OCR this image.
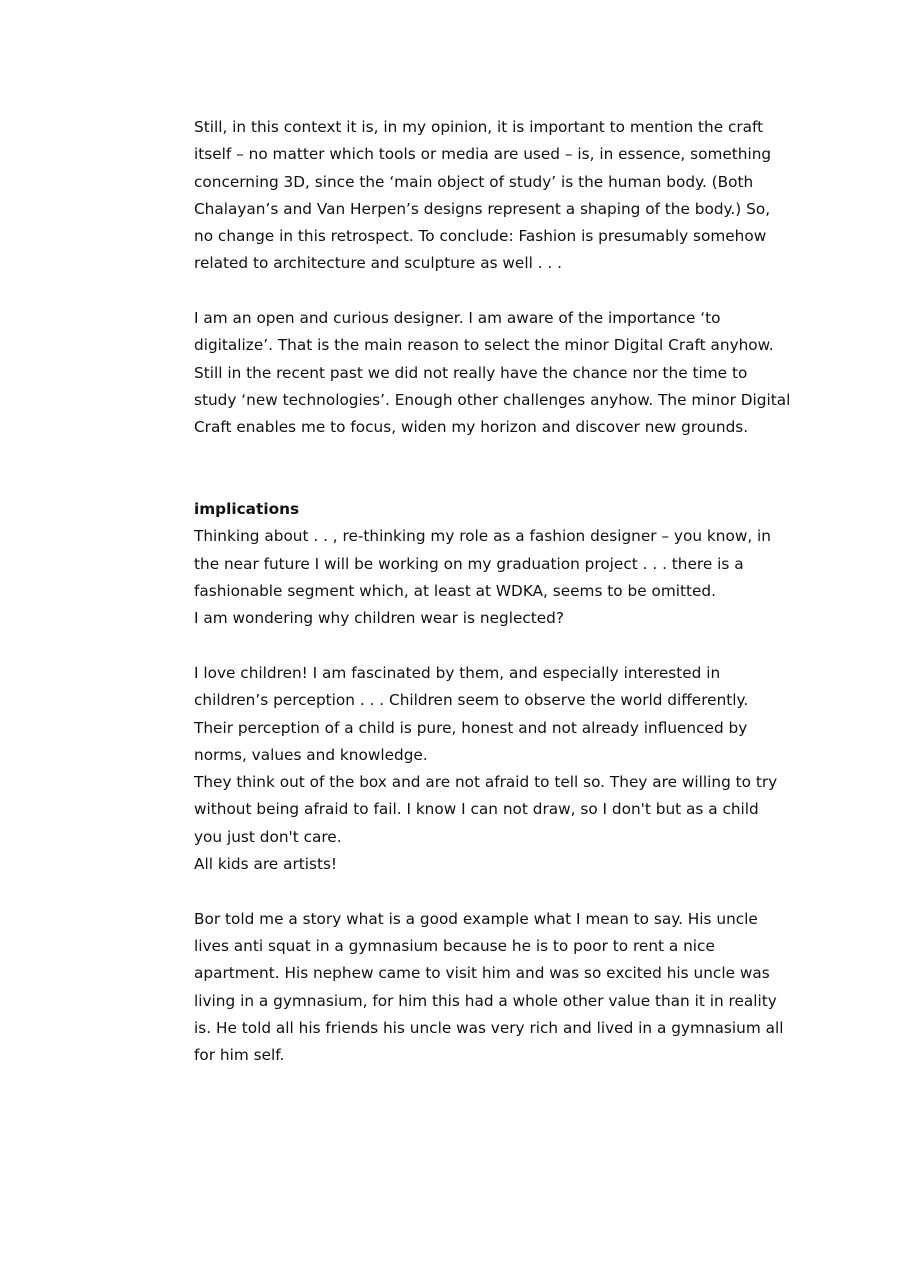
Still, in this context it is, in my opinion, it is important to mention the craft
itself – no matter which tools or media are used – is, in essence, something
concerning 3D, since the ‘main object of study’ is the human body. (Both
Chalayan’s and Van Herpen’s designs represent a shaping of the body.) So,
no change in this retrospect. To conclude: Fashion is presumably somehow
related to architecture and sculpture as well . . .
I am an open and curious designer. I am aware of the importance ‘to
digitalize’. That is the main reason to select the minor Digital Craft anyhow.
Still in the recent past we did not really have the chance nor the time to
study ‘new technologies’. Enough other challenges anyhow. The minor Digital
Craft enables me to focus, widen my horizon and discover new grounds.
implications
Thinking about . . , re-thinking my role as a fashion designer – you know, in
the near future I will be working on my graduation project . . . there is a
fashionable segment which, at least at WDKA, seems to be omitted.
I am wondering why children wear is neglected?
I love children! I am fascinated by them, and especially interested in
children’s perception . . . Children seem to observe the world differently.
Their perception of a child is pure, honest and not already influenced by
norms, values and knowledge.
They think out of the box and are not afraid to tell so. They are willing to try
without being afraid to fail. I know I can not draw, so I don't but as a child
you just don't care.
All kids are artists!
Bor told me a story what is a good example what I mean to say. His uncle
lives anti squat in a gymnasium because he is to poor to rent a nice
apartment. His nephew came to visit him and was so excited his uncle was
living in a gymnasium, for him this had a whole other value than it in reality
is. He told all his friends his uncle was very rich and lived in a gymnasium all
for him self.
